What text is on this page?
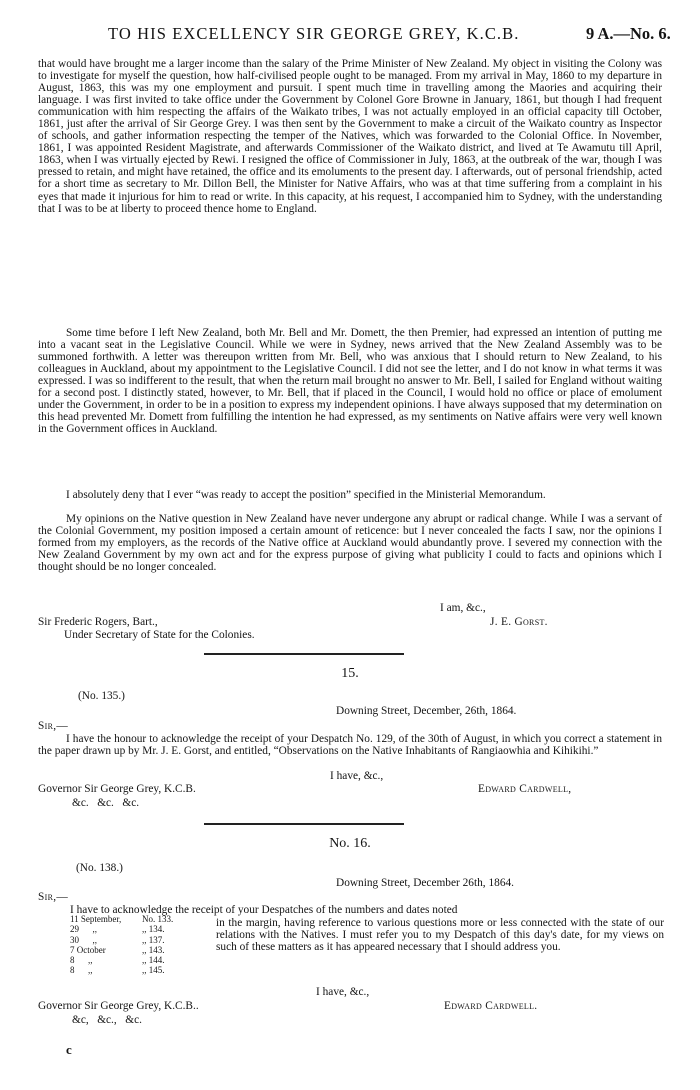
TO HIS EXCELLENCY SIR GEORGE GREY, K.C.B.	9 A.—No. 6.

that would have brought me a larger income than the salary of the Prime Minister of New Zealand. My object in visiting the Colony was to investigate for myself the question, how half-civilised people ought to be managed. From my arrival in May, 1860 to my departure in August, 1863, this was my one employment and pursuit. I spent much time in travelling among the Maories and acquiring their language. I was first invited to take office under the Government by Colonel Gore Browne in January, 1861, but though I had frequent communication with him respecting the affairs of the Waikato tribes, I was not actually employed in an official capacity till October, 1861, just after the arrival of Sir George Grey. I was then sent by the Government to make a circuit of the Waikato country as Inspector of schools, and gather information respecting the temper of the Natives, which was forwarded to the Colonial Office. In November, 1861, I was appointed Resident Magistrate, and afterwards Commissioner of the Waikato district, and lived at Te Awamutu till April, 1863, when I was virtually ejected by Rewi. I resigned the office of Commissioner in July, 1863, at the outbreak of the war, though I was pressed to retain, and might have retained, the office and its emoluments to the present day. I afterwards, out of personal friendship, acted for a short time as secretary to Mr. Dillon Bell, the Minister for Native Affairs, who was at that time suffering from a complaint in his eyes that made it injurious for him to read or write. In this capacity, at his request, I accompanied him to Sydney, with the understanding that I was to be at liberty to proceed thence home to England.

Some time before I left New Zealand, both Mr. Bell and Mr. Domett, the then Premier, had expressed an intention of putting me into a vacant seat in the Legislative Council. While we were in Sydney, news arrived that the New Zealand Assembly was to be summoned forthwith. A letter was thereupon written from Mr. Bell, who was anxious that I should return to New Zealand, to his colleagues in Auckland, about my appointment to the Legislative Council. I did not see the letter, and I do not know in what terms it was expressed. I was so indifferent to the result, that when the return mail brought no answer to Mr. Bell, I sailed for England without waiting for a second post. I distinctly stated, however, to Mr. Bell, that if placed in the Council, I would hold no office or place of emolument under the Government, in order to be in a position to express my independent opinions. I have always supposed that my determination on this head prevented Mr. Domett from fulfilling the intention he had expressed, as my sentiments on Native affairs were very well known in the Government offices in Auckland.

I absolutely deny that I ever “was ready to accept the position” specified in the Ministerial Memorandum.

My opinions on the Native question in New Zealand have never undergone any abrupt or radical change. While I was a servant of the Colonial Government, my position imposed a certain amount of reticence: but I never concealed the facts I saw, nor the opinions I formed from my employers, as the records of the Native office at Auckland would abundantly prove. I severed my connection with the New Zealand Government by my own act and for the express purpose of giving what publicity I could to facts and opinions which I thought should be no longer concealed.

I am, &c.,
Sir Frederic Rogers, Bart.,	J. E. Gorst.
Under Secretary of State for the Colonies.
15.
(No. 135.)
Downing Street, December, 26th, 1864.
Sir,—

I have the honour to acknowledge the receipt of your Despatch No. 129, of the 30th of August, in which you correct a statement in the paper drawn up by Mr. J. E. Gorst, and entitled, “Observations on the Native Inhabitants of Rangiaowhia and Kihikihi.”

I have, &c.,
Governor Sir George Grey, K.C.B.	Edward Cardwell,
&c.   &c.   &c.
No. 16.
(No. 138.)
Downing Street, December 26th, 1864.
Sir,—
I have to acknowledge the receipt of your Despatches of the numbers and dates noted
11 September, No. 133.
29      ,,	,, 134.
30      ,,	,, 137.
7 October	,, 143.
8      ,,	,, 144.
8      ,,	,, 145.

in the margin, having reference to various questions more or less connected with the state of our relations with the Natives. I must refer you to my Despatch of this day's date, for my views on such of these matters as it has appeared necessary that I should address you.

I have, &c.,
Governor Sir George Grey, K.C.B..	Edward Cardwell.
&c,   &c.,   &c.
c
